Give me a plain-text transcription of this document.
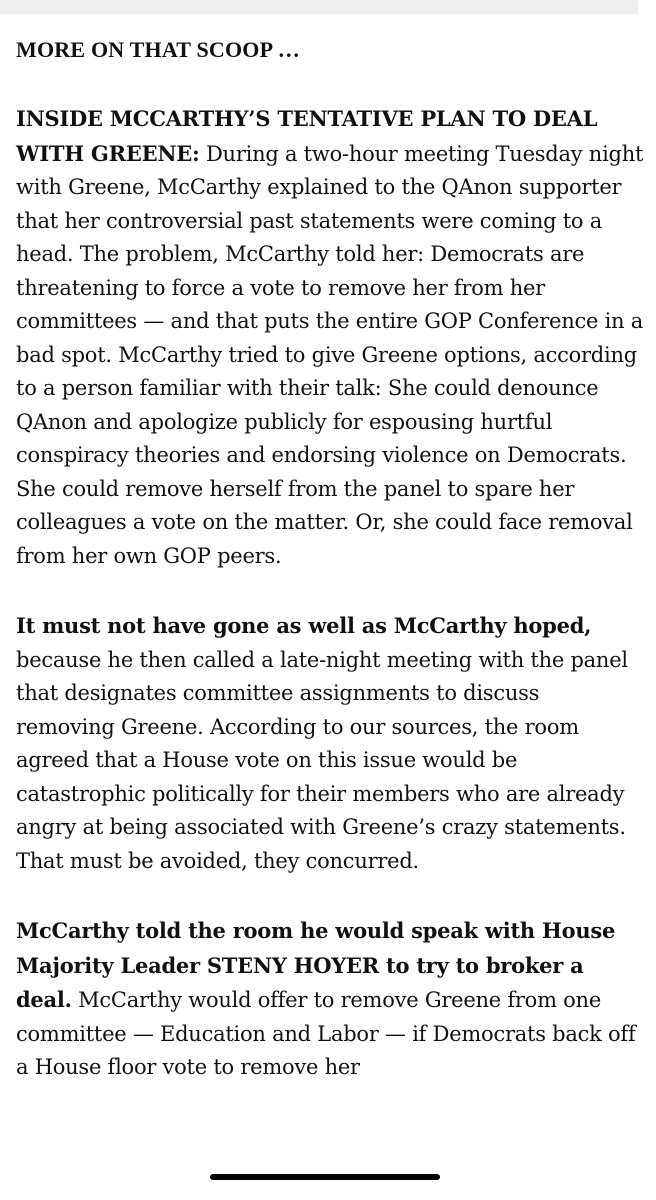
MORE ON THAT SCOOP …

INSIDE MCCARTHY’S TENTATIVE PLAN TO DEAL WITH GREENE: During a two-hour meeting Tuesday night with Greene, McCarthy explained to the QAnon supporter that her controversial past statements were coming to a head. The problem, McCarthy told her: Democrats are threatening to force a vote to remove her from her committees — and that puts the entire GOP Conference in a bad spot. McCarthy tried to give Greene options, according to a person familiar with their talk: She could denounce QAnon and apologize publicly for espousing hurtful conspiracy theories and endorsing violence on Democrats. She could remove herself from the panel to spare her colleagues a vote on the matter. Or, she could face removal from her own GOP peers.

It must not have gone as well as McCarthy hoped, because he then called a late-night meeting with the panel that designates committee assignments to discuss removing Greene. According to our sources, the room agreed that a House vote on this issue would be catastrophic politically for their members who are already angry at being associated with Greene’s crazy statements. That must be avoided, they concurred.

McCarthy told the room he would speak with House Majority Leader STENY HOYER to try to broker a deal. McCarthy would offer to remove Greene from one committee — Education and Labor — if Democrats back off a House floor vote to remove her
